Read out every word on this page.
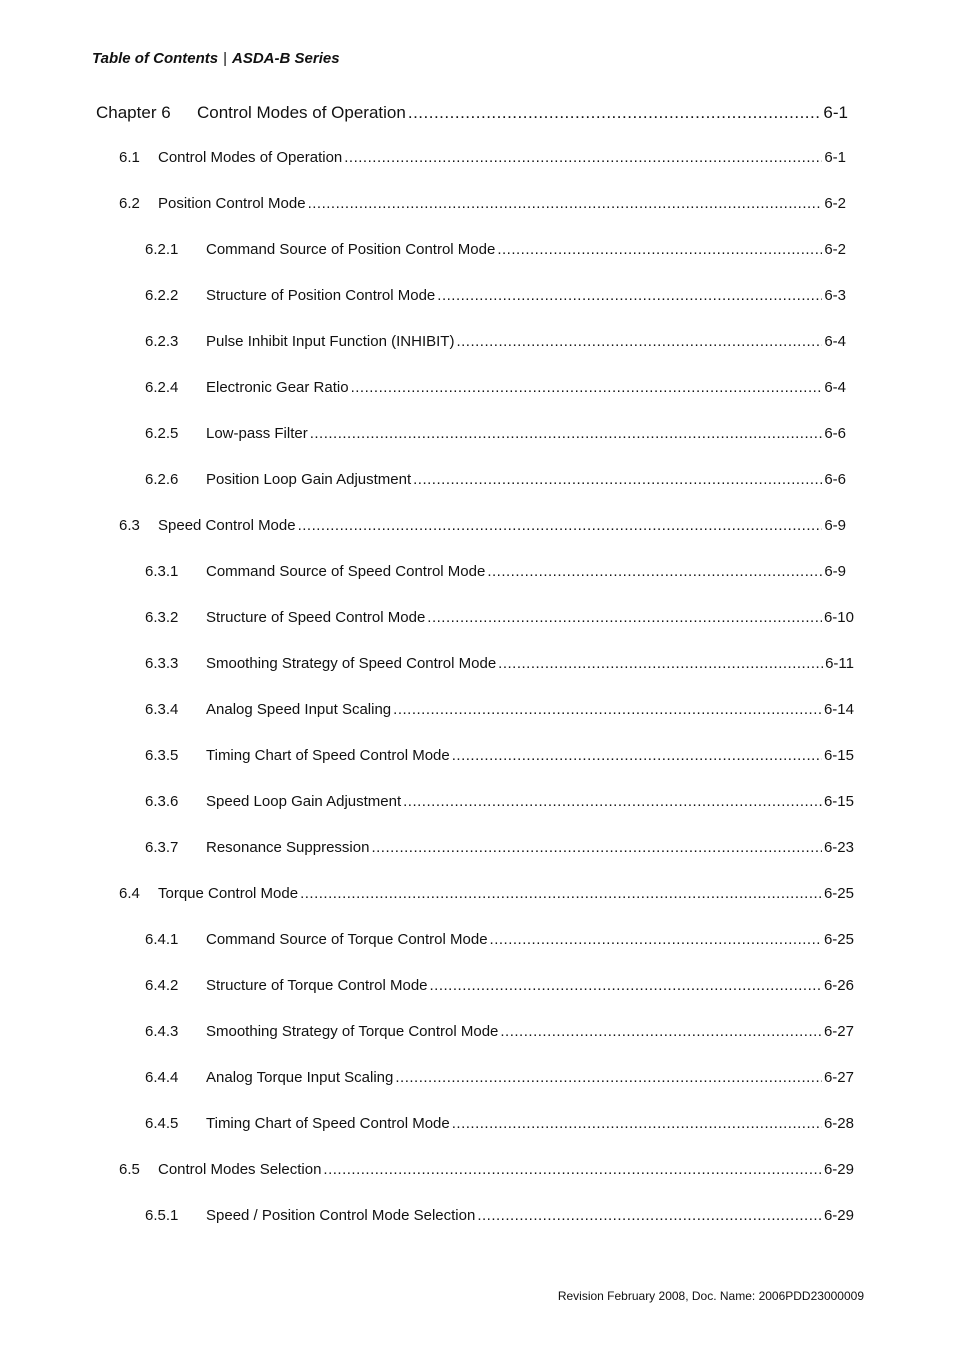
Table of Contents | ASDA-B Series
Chapter 6	Control Modes of Operation .....	6-1
6.1	Control Modes of Operation .....	6-1
6.2	Position Control Mode .....	6-2
6.2.1	Command Source of Position Control Mode .....	6-2
6.2.2	Structure of Position Control Mode .....	6-3
6.2.3	Pulse Inhibit Input Function (INHIBIT) .....	6-4
6.2.4	Electronic Gear Ratio .....	6-4
6.2.5	Low-pass Filter .....	6-6
6.2.6	Position Loop Gain Adjustment .....	6-6
6.3	Speed Control Mode .....	6-9
6.3.1	Command Source of Speed Control Mode .....	6-9
6.3.2	Structure of Speed Control Mode .....	6-10
6.3.3	Smoothing Strategy of Speed Control Mode .....	6-11
6.3.4	Analog Speed Input Scaling .....	6-14
6.3.5	Timing Chart of Speed Control Mode .....	6-15
6.3.6	Speed Loop Gain Adjustment .....	6-15
6.3.7	Resonance Suppression .....	6-23
6.4	Torque Control Mode .....	6-25
6.4.1	Command Source of Torque Control Mode .....	6-25
6.4.2	Structure of Torque Control Mode .....	6-26
6.4.3	Smoothing Strategy of Torque Control Mode .....	6-27
6.4.4	Analog Torque Input Scaling .....	6-27
6.4.5	Timing Chart of Speed Control Mode .....	6-28
6.5	Control Modes Selection .....	6-29
6.5.1	Speed / Position Control Mode Selection .....	6-29
Revision February 2008, Doc. Name: 2006PDD23000009
